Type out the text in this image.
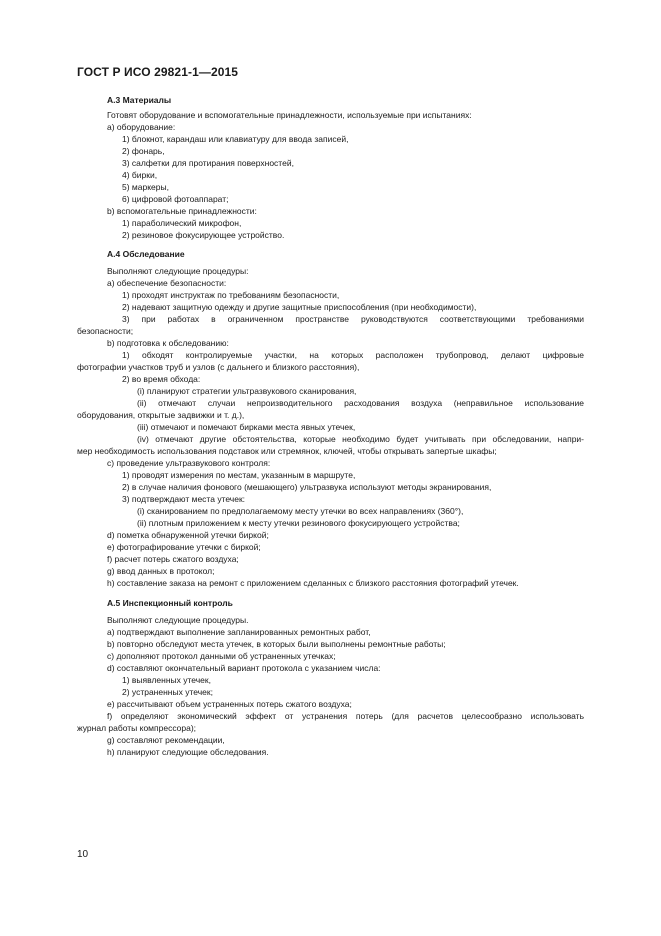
ГОСТ Р ИСО 29821-1—2015
А.3 Материалы
Готовят оборудование и вспомогательные принадлежности, используемые при испытаниях:
a) оборудование:
1) блокнот, карандаш или клавиатуру для ввода записей,
2) фонарь,
3) салфетки для протирания поверхностей,
4) бирки,
5) маркеры,
6) цифровой фотоаппарат;
b) вспомогательные принадлежности:
1) параболический микрофон,
2) резиновое фокусирующее устройство.
А.4 Обследование
Выполняют следующие процедуры:
a) обеспечение безопасности:
1) проходят инструктаж по требованиям безопасности,
2) надевают защитную одежду и другие защитные приспособления (при необходимости),
3) при работах в ограниченном пространстве руководствуются соответствующими требованиями
безопасности;
b) подготовка к обследованию:
1) обходят контролируемые участки, на которых расположен трубопровод, делают цифровые
фотографии участков труб и узлов (с дальнего и близкого расстояния),
2) во время обхода:
(i) планируют стратегии ультразвукового сканирования,
(ii) отмечают случаи непроизводительного расходования воздуха (неправильное использование
оборудования, открытые задвижки и т. д.),
(iii) отмечают и помечают бирками места явных утечек,
(iv) отмечают другие обстоятельства, которые необходимо будет учитывать при обследовании, напри-
мер необходимость использования подставок или стремянок, ключей, чтобы открывать запертые шкафы;
c) проведение ультразвукового контроля:
1) проводят измерения по местам, указанным в маршруте,
2) в случае наличия фонового (мешающего) ультразвука используют методы экранирования,
3) подтверждают места утечек:
(i) сканированием по предполагаемому месту утечки во всех направлениях (360°),
(ii) плотным приложением к месту утечки резинового фокусирующего устройства;
d) пометка обнаруженной утечки биркой;
e) фотографирование утечки с биркой;
f) расчет потерь сжатого воздуха;
g) ввод данных в протокол;
h) составление заказа на ремонт с приложением сделанных с близкого расстояния фотографий утечек.
А.5 Инспекционный контроль
Выполняют следующие процедуры.
a) подтверждают выполнение запланированных ремонтных работ,
b) повторно обследуют места утечек, в которых были выполнены ремонтные работы;
c) дополняют протокол данными об устраненных утечках;
d) составляют окончательный вариант протокола с указанием числа:
1) выявленных утечек,
2) устраненных утечек;
e) рассчитывают объем устраненных потерь сжатого воздуха;
f) определяют экономический эффект от устранения потерь (для расчетов целесообразно использовать
журнал работы компрессора);
g) составляют рекомендации,
h) планируют следующие обследования.
10
